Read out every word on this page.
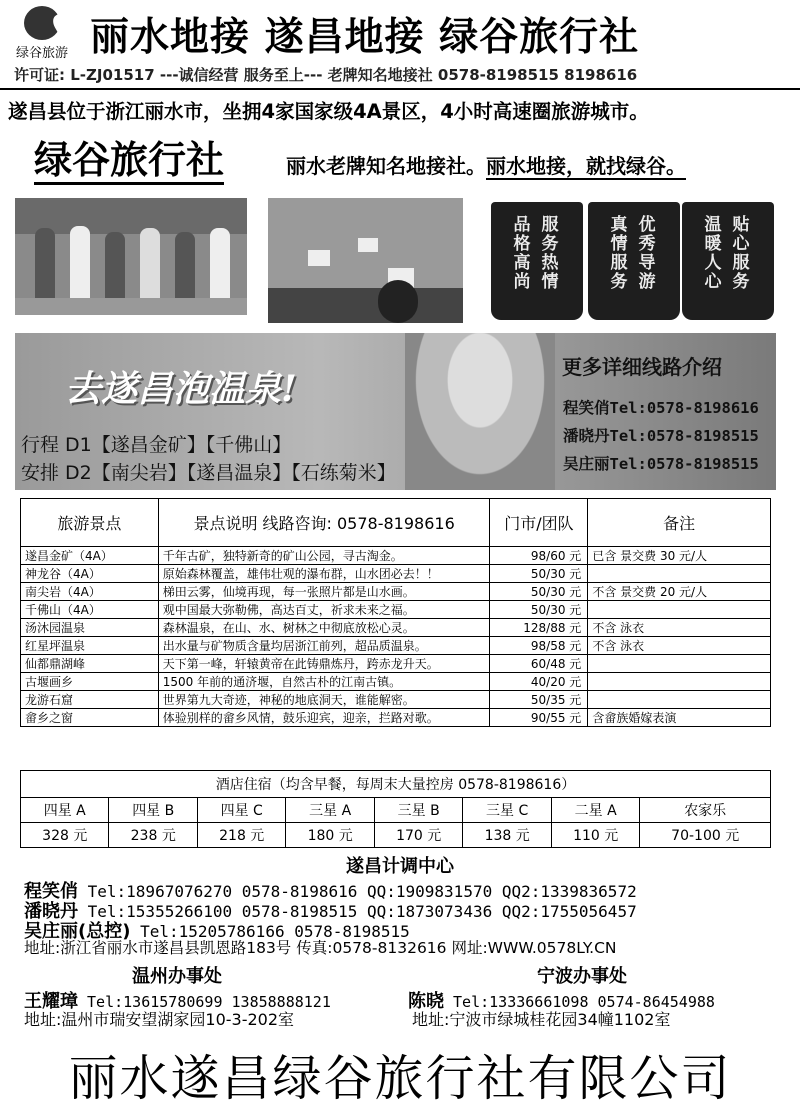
绿谷旅游 丽水地接 遂昌地接 绿谷旅行社
许可证: L-ZJ01517 ---诚信经营 服务至上--- 老牌知名地接社 0578-8198515 8198616
遂昌县位于浙江丽水市，坐拥4家国家级4A景区，4小时高速圈旅游城市。
绿谷旅行社	丽水老牌知名地接社。丽水地接，就找绿谷。
服务热情
品格高尚
优秀导游
真情服务
贴心服务
温暖人心
去遂昌泡温泉!
行程 D1【遂昌金矿】【千佛山】
安排 D2【南尖岩】【遂昌温泉】【石练菊米】
更多详细线路介绍
程笑俏Tel:0578-8198616
潘晓丹Tel:0578-8198515
吴庄丽Tel:0578-8198515
旅游景点	景点说明 线路咨询: 0578-8198616	门市/团队	备注
遂昌金矿（4A）	千年古矿，独特新奇的矿山公园，寻古淘金。	98/60 元	已含 景交费 30 元/人
神龙谷（4A）	原始森林覆盖，雄伟壮观的瀑布群，山水团必去！！	50/30 元	
南尖岩（4A）	梯田云雾，仙境再现，每一张照片都是山水画。	50/30 元	不含 景交费 20 元/人
千佛山（4A）	观中国最大弥勒佛，高达百丈，祈求未来之福。	50/30 元	
汤沐园温泉	森林温泉，在山、水、树林之中彻底放松心灵。	128/88 元	不含 泳衣
红星坪温泉	出水量与矿物质含量均居浙江前列，超品质温泉。	98/58 元	不含 泳衣
仙都鼎湖峰	天下第一峰，轩辕黄帝在此铸鼎炼丹，跨赤龙升天。	60/48 元	
古堰画乡	1500 年前的通济堰，自然古朴的江南古镇。	40/20 元	
龙游石窟	世界第九大奇迹，神秘的地底洞天，谁能解密。	50/35 元	
畲乡之窗	体验别样的畲乡风情，鼓乐迎宾，迎亲，拦路对歌。	90/55 元	含畲族婚嫁表演
酒店住宿（均含早餐，每周末大量控房 0578-8198616）							
四星 A	四星 B	四星 C	三星 A	三星 B	三星 C	二星 A	农家乐
328 元	238 元	218 元	180 元	170 元	138 元	110 元	70-100 元
遂昌计调中心
程笑俏 Tel:18967076270 0578-8198616 QQ:1909831570 QQ2:1339836572
潘晓丹 Tel:15355266100 0578-8198515 QQ:1873073436 QQ2:1755056457
吴庄丽(总控) Tel:15205786166 0578-8198515
地址:浙江省丽水市遂昌县凯恩路183号 传真:0578-8132616 网址:WWW.0578LY.CN
温州办事处	宁波办事处
王耀璋 Tel:13615780699 13858888121	陈晓 Tel:13336661098 0574-86454988
地址:温州市瑞安望湖家园10-3-202室	地址:宁波市绿城桂花园34幢1102室
丽水遂昌绿谷旅行社有限公司
